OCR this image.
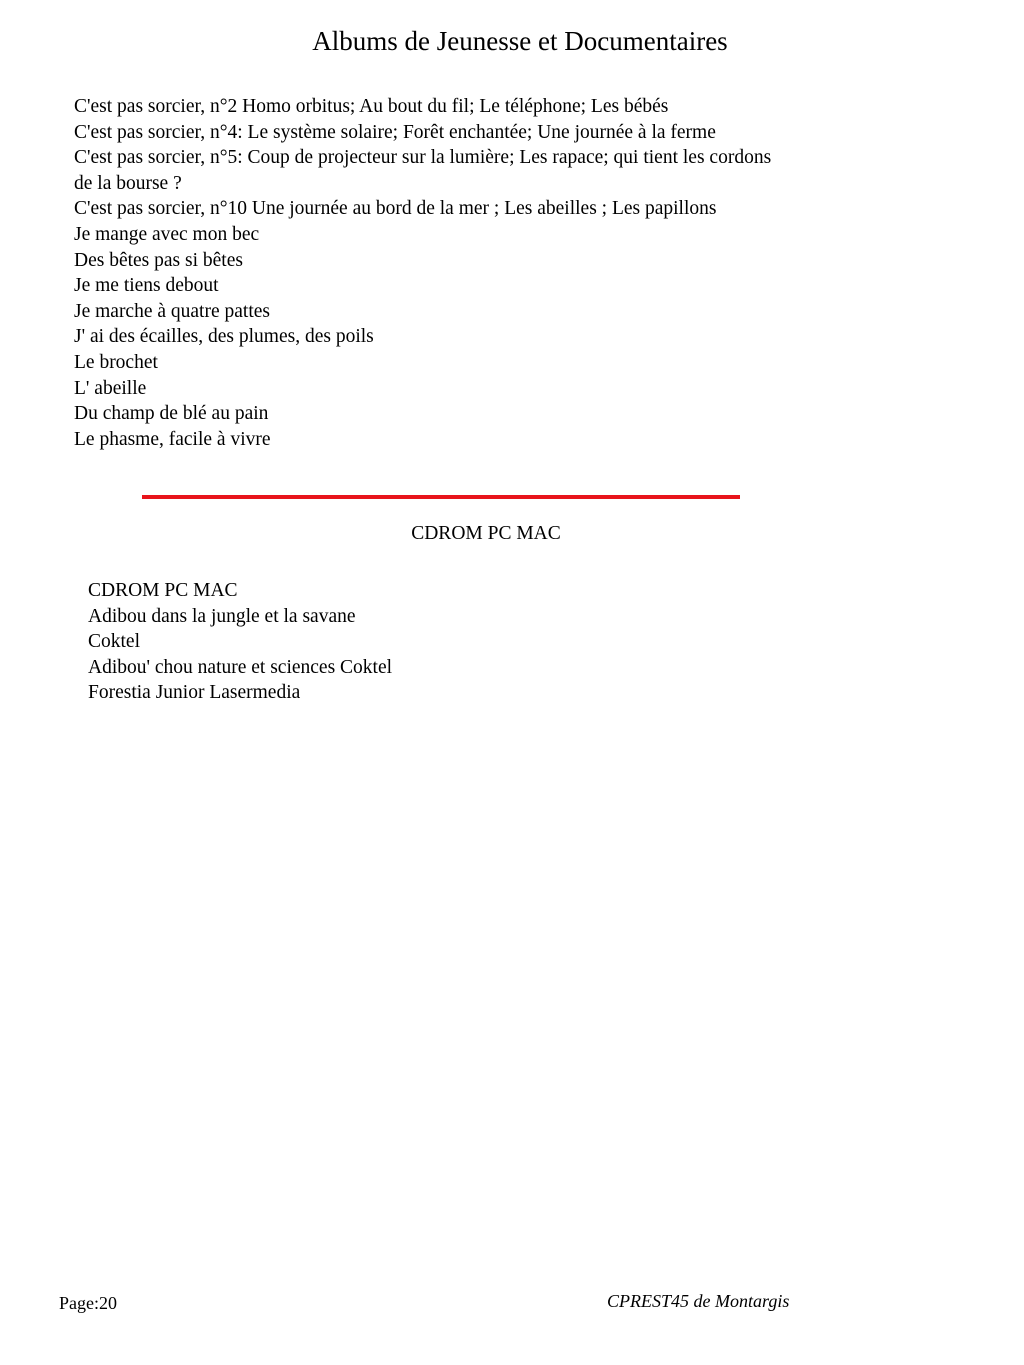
Albums de Jeunesse et Documentaires
C'est pas sorcier, n°2 Homo orbitus; Au bout du fil; Le téléphone; Les bébés
C'est pas sorcier, n°4: Le système solaire; Forêt enchantée; Une journée à la ferme
C'est pas sorcier, n°5: Coup de projecteur sur la lumière; Les rapace; qui tient les cordons de la bourse ?
C'est pas sorcier, n°10 Une journée au bord de la mer ; Les abeilles ; Les papillons
Je mange avec mon bec
Des bêtes pas si bêtes
Je me tiens debout
Je marche à quatre pattes
J' ai des écailles, des plumes, des poils
Le brochet
L' abeille
Du champ de blé au pain
Le phasme, facile à vivre
CDROM PC MAC
CDROM PC MAC
Adibou dans la jungle et la savane
Coktel
Adibou' chou nature et sciences Coktel
Forestia Junior Lasermedia
Page:20	CPREST45 de Montargis
